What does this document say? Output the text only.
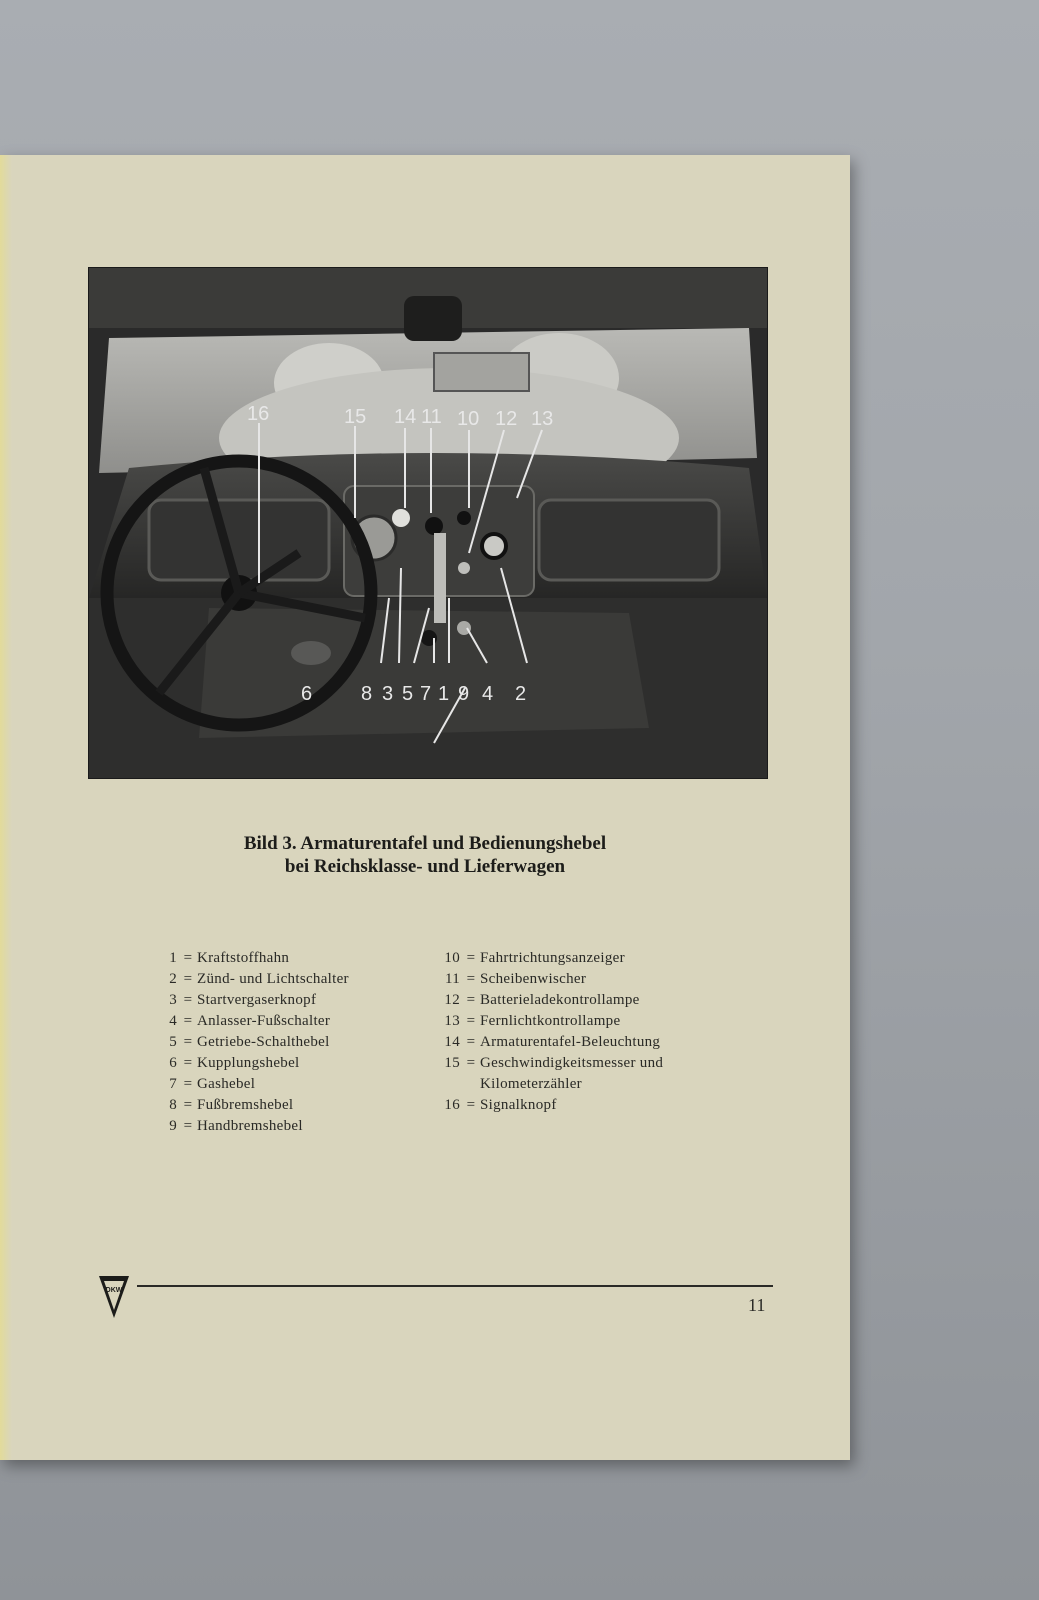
16	15 14 11 10 12 13
6 8 3 5 7 1 9 4 2
Bild 3. Armaturentafel und Bedienungshebel
bei Reichsklasse- und Lieferwagen
1 = Kraftstoffhahn
2 = Zünd- und Lichtschalter
3 = Startvergaserknopf
4 = Anlasser-Fußschalter
5 = Getriebe-Schalthebel
6 = Kupplungshebel
7 = Gashebel
8 = Fußbremshebel
9 = Handbremshebel
10 = Fahrtrichtungsanzeiger
11 = Scheibenwischer
12 = Batterieladekontrollampe
13 = Fernlichtkontrollampe
14 = Armaturentafel-Beleuchtung
15 = Geschwindigkeitsmesser und Kilometerzähler
16 = Signalknopf
DKW
11
